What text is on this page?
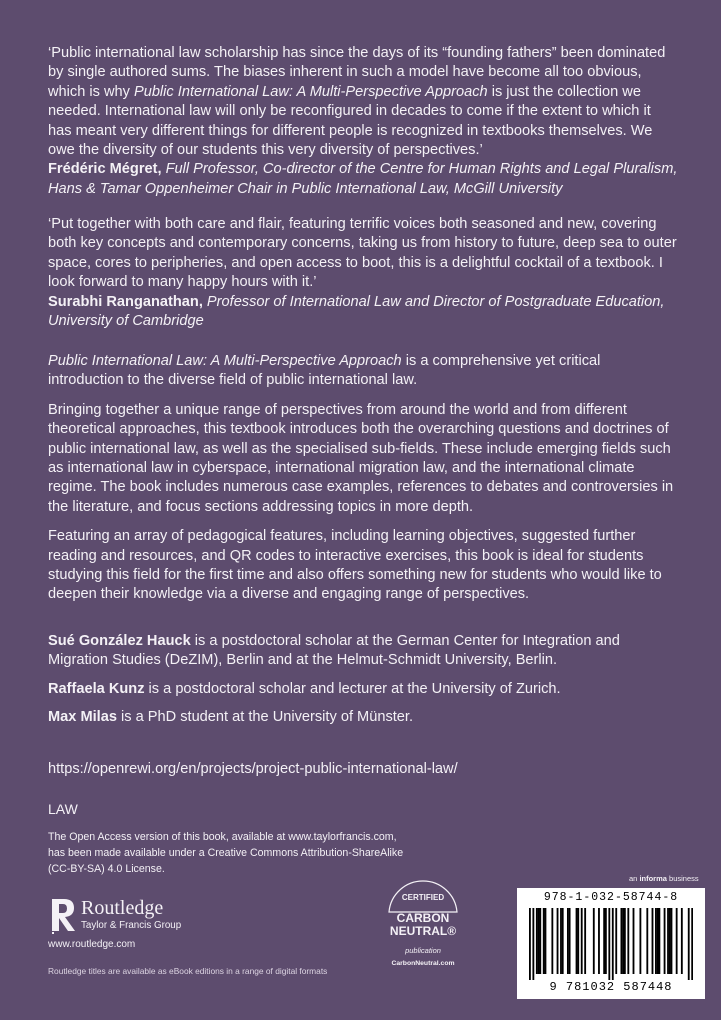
‘Public international law scholarship has since the days of its “founding fathers” been dominated by single authored sums. The biases inherent in such a model have become all too obvious, which is why Public International Law: A Multi-Perspective Approach is just the collection we needed. International law will only be reconfigured in decades to come if the extent to which it has meant very different things for different people is recognized in textbooks themselves. We owe the diversity of our students this very diversity of perspectives.’

Frédéric Mégret, Full Professor, Co-director of the Centre for Human Rights and Legal Pluralism, Hans & Tamar Oppenheimer Chair in Public International Law, McGill University

‘Put together with both care and flair, featuring terrific voices both seasoned and new, covering both key concepts and contemporary concerns, taking us from history to future, deep sea to outer space, cores to peripheries, and open access to boot, this is a delightful cocktail of a textbook. I look forward to many happy hours with it.’

Surabhi Ranganathan, Professor of International Law and Director of Postgraduate Education, University of Cambridge

Public International Law: A Multi-Perspective Approach is a comprehensive yet critical introduction to the diverse field of public international law.

Bringing together a unique range of perspectives from around the world and from different theoretical approaches, this textbook introduces both the overarching questions and doctrines of public international law, as well as the specialised sub-fields. These include emerging fields such as international law in cyberspace, international migration law, and the international climate regime. The book includes numerous case examples, references to debates and controversies in the literature, and focus sections addressing topics in more depth.

Featuring an array of pedagogical features, including learning objectives, suggested further reading and resources, and QR codes to interactive exercises, this book is ideal for students studying this field for the first time and also offers something new for students who would like to deepen their knowledge via a diverse and engaging range of perspectives.

Sué González Hauck is a postdoctoral scholar at the German Center for Integration and Migration Studies (DeZIM), Berlin and at the Helmut-Schmidt University, Berlin.

Raffaela Kunz is a postdoctoral scholar and lecturer at the University of Zurich.

Max Milas is a PhD student at the University of Münster.

https://openrewi.org/en/projects/project-public-international-law/
LAW
The Open Access version of this book, available at www.taylorfrancis.com,
has been made available under a Creative Commons Attribution-ShareAlike
(CC-BY-SA) 4.0 License.
Routledge
Taylor & Francis Group
www.routledge.com
Routledge titles are available as eBook editions in a range of digital formats
CERTIFIED
CARBON
NEUTRAL®
publication
CarbonNeutral.com
an informa business
978-1-032-58744-8
9 781032 587448
